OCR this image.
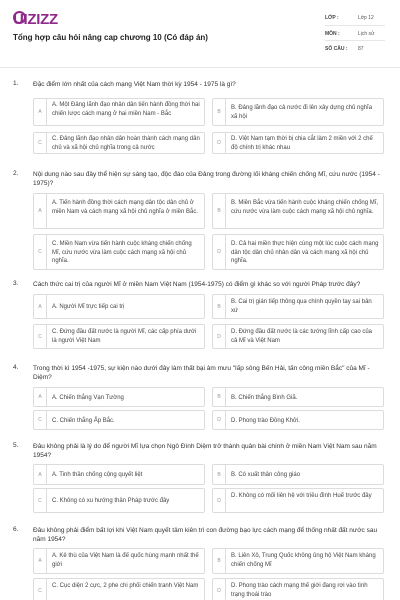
UIZIZZ
Tổng hợp câu hỏi nâng cap chương 10 (Có đáp án)
LỚP :	Lớp 12
MÔN :	Lịch sử
SỐ CÂU : 87
1. Đặc điểm lớn nhất của cách mạng Việt Nam thời kỳ 1954 - 1975 là gì?
A
A. Một Đảng lãnh đạo nhân dân tiến hành đồng thời hai chiến lược cách mạng ở hai miền Nam - Bắc	B
B. Đảng lãnh đạo cả nước đi lên xây dựng chủ nghĩa xã hội
C
C. Đảng lãnh đạo nhân dân hoàn thành cách mạng dân chủ và xã hội chủ nghĩa trong cả nước
D
D. Việt Nam tạm thời bị chia cắt làm 2 miền với 2 chế độ chính trị khác nhau
2. Nội dung nào sau đây thể hiện sự sáng tạo, độc đáo của Đảng trong đường lối kháng chiến chống Mĩ, cứu nước (1954 - 1975)?
A
A. Tiến hành đồng thời cách mạng dân tộc dân chủ ở miền Nam và cách mạng xã hội chủ nghĩa ở miền Bắc.	B
B. Miền Bắc vừa tiến hành cuộc kháng chiến chống Mĩ, cứu nước vừa làm cuộc cách mạng xã hội chủ nghĩa.
C
C. Miền Nam vừa tiến hành cuộc kháng chiến chống Mĩ, cứu nước vừa làm cuộc cách mạng xã hội chủ nghĩa.
D
D. Cả hai miền thực hiện cùng một lúc cuộc cách mạng dân tộc dân chủ nhân dân và cách mạng xã hội chủ nghĩa.
3. Cách thức cai trị của người Mĩ ở miền Nam Việt Nam (1954-1975) có điểm gì khác so với người Pháp trước đây?
A	A. Người Mĩ trực tiếp cai trị	B
B. Cai trị gián tiếp thông qua chính quyền tay sai bản xứ
C
C. Đứng đầu đất nước là người Mĩ, các cấp phía dưới là người Việt Nam
D
D. Đứng đầu đất nước là các tướng lĩnh cấp cao của cả Mĩ và Việt Nam
4. Trong thời kì 1954 -1975, sự kiện nào dưới đây làm thất bại âm mưu "lấp sông Bến Hải, tấn công miền Bắc" của Mĩ - Diệm?
A	A. Chiến thắng Vạn Tường	B	B. Chiến thắng Bình Giã.
C	C. Chiến thắng Ấp Bắc.	D	D. Phong trào Đồng Khởi.
5. Đâu không phải là lý do để người Mĩ lựa chọn Ngô Đình Diệm trở thành quân bài chính ở miền Nam Việt Nam sau năm 1954?
A	A. Tinh thần chống cộng quyết liệt	B	B. Có xuất thân công giáo
C	C. Không có xu hướng thân Pháp trước đây	D
D. Không có mối liên hệ với triều đình Huế trước đây
6. Đâu không phải điểm bất lợi khi Việt Nam quyết tâm kiên trì con đường bạo lực cách mạng để thống nhất đất nước sau năm 1954?
A
A. Kẻ thù của Việt Nam là đế quốc hùng mạnh nhất thế giới
B
B. Liên Xô, Trung Quốc không ủng hộ Việt Nam kháng chiến chống Mĩ
C
C. Cục diện 2 cực, 2 phe chi phối chiến tranh Việt Nam
D
D. Phong trào cách mạng thế giới đang rơi vào tình trạng thoái trào
